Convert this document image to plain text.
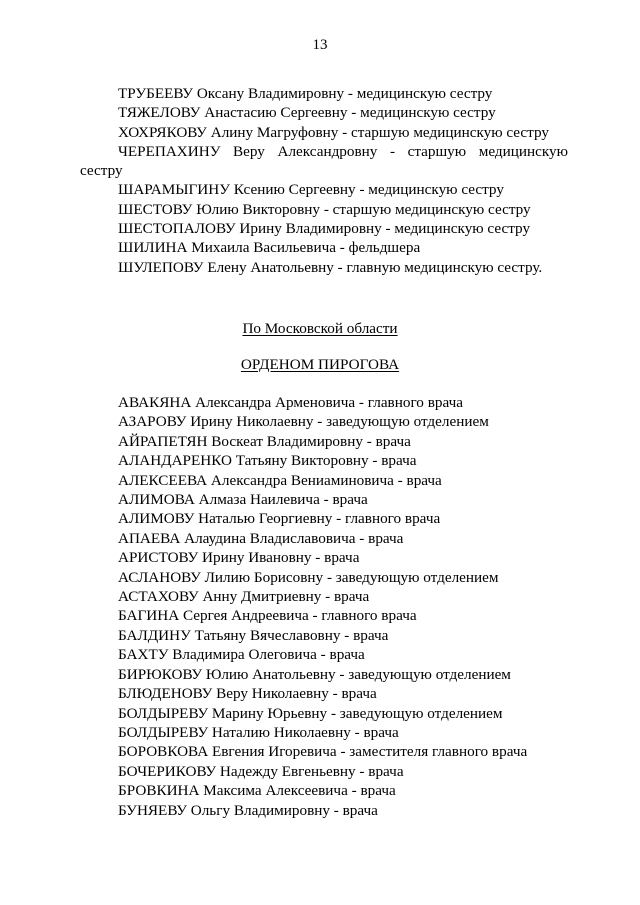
13
ТРУБЕЕВУ Оксану Владимировну - медицинскую сестру
ТЯЖЕЛОВУ Анастасию Сергеевну - медицинскую сестру
ХОХРЯКОВУ Алину Магруфовну - старшую медицинскую сестру
ЧЕРЕПАХИНУ Веру Александровну - старшую медицинскую
сестру
ШАРАМЫГИНУ Ксению Сергеевну - медицинскую сестру
ШЕСТОВУ Юлию Викторовну - старшую медицинскую сестру
ШЕСТОПАЛОВУ Ирину Владимировну - медицинскую сестру
ШИЛИНА Михаила Васильевича - фельдшера
ШУЛЕПОВУ Елену Анатольевну - главную медицинскую сестру.
По Московской области
ОРДЕНОМ ПИРОГОВА
АВАКЯНА Александра Арменовича - главного врача
АЗАРОВУ Ирину Николаевну - заведующую отделением
АЙРАПЕТЯН Воскеат Владимировну - врача
АЛАНДАРЕНКО Татьяну Викторовну - врача
АЛЕКСЕЕВА Александра Вениаминовича - врача
АЛИМОВА Алмаза Наилевича - врача
АЛИМОВУ Наталью Георгиевну - главного врача
АПАЕВА Алаудина Владиславовича - врача
АРИСТОВУ Ирину Ивановну - врача
АСЛАНОВУ Лилию Борисовну - заведующую отделением
АСТАХОВУ Анну Дмитриевну - врача
БАГИНА Сергея Андреевича - главного врача
БАЛДИНУ Татьяну Вячеславовну - врача
БАХТУ Владимира Олеговича - врача
БИРЮКОВУ Юлию Анатольевну - заведующую отделением
БЛЮДЕНОВУ Веру Николаевну - врача
БОЛДЫРЕВУ Марину Юрьевну - заведующую отделением
БОЛДЫРЕВУ Наталию Николаевну - врача
БОРОВКОВА Евгения Игоревича - заместителя главного врача
БОЧЕРИКОВУ Надежду Евгеньевну - врача
БРОВКИНА Максима Алексеевича - врача
БУНЯЕВУ Ольгу Владимировну - врача
